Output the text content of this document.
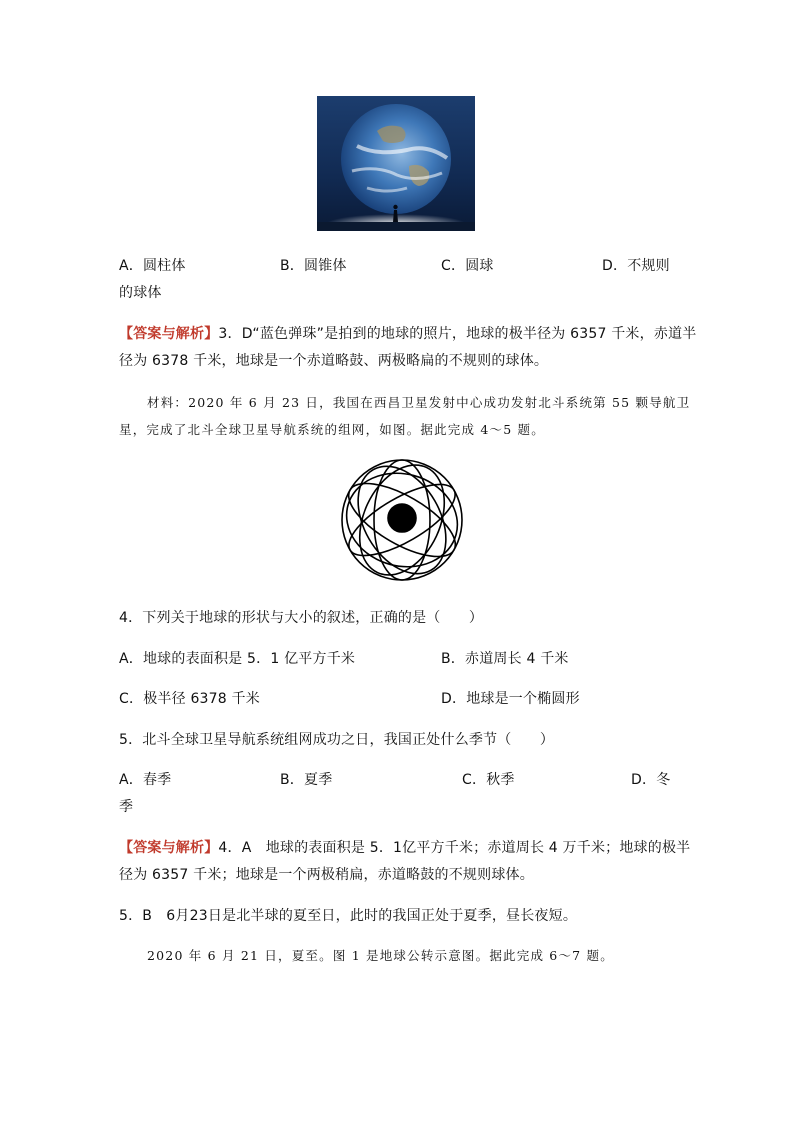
A．圆柱体	B．圆锥体	C．圆球	D．不规则
的球体
【答案与解析】3．D“蓝色弹珠”是拍到的地球的照片，地球的极半径为 6357 千米，赤道半
径为 6378 千米，地球是一个赤道略鼓、两极略扁的不规则的球体。
材料：2020 年 6 月 23 日，我国在西昌卫星发射中心成功发射北斗系统第 55 颗导航卫
星，完成了北斗全球卫星导航系统的组网，如图。据此完成 4～5 题。
4．下列关于地球的形状与大小的叙述，正确的是（　　）
A．地球的表面积是 5．1 亿平方千米	B．赤道周长 4 千米
C．极半径 6378 千米	D．地球是一个椭圆形
5．北斗全球卫星导航系统组网成功之日，我国正处什么季节（　　）
A．春季	B．夏季	C．秋季	D．冬
季
【答案与解析】4．A　地球的表面积是 5．1亿平方千米；赤道周长 4 万千米；地球的极半
径为 6357 千米；地球是一个两极稍扁，赤道略鼓的不规则球体。
5．B　6月23日是北半球的夏至日，此时的我国正处于夏季，昼长夜短。
2020 年 6 月 21 日，夏至。图 1 是地球公转示意图。据此完成 6～7 题。
